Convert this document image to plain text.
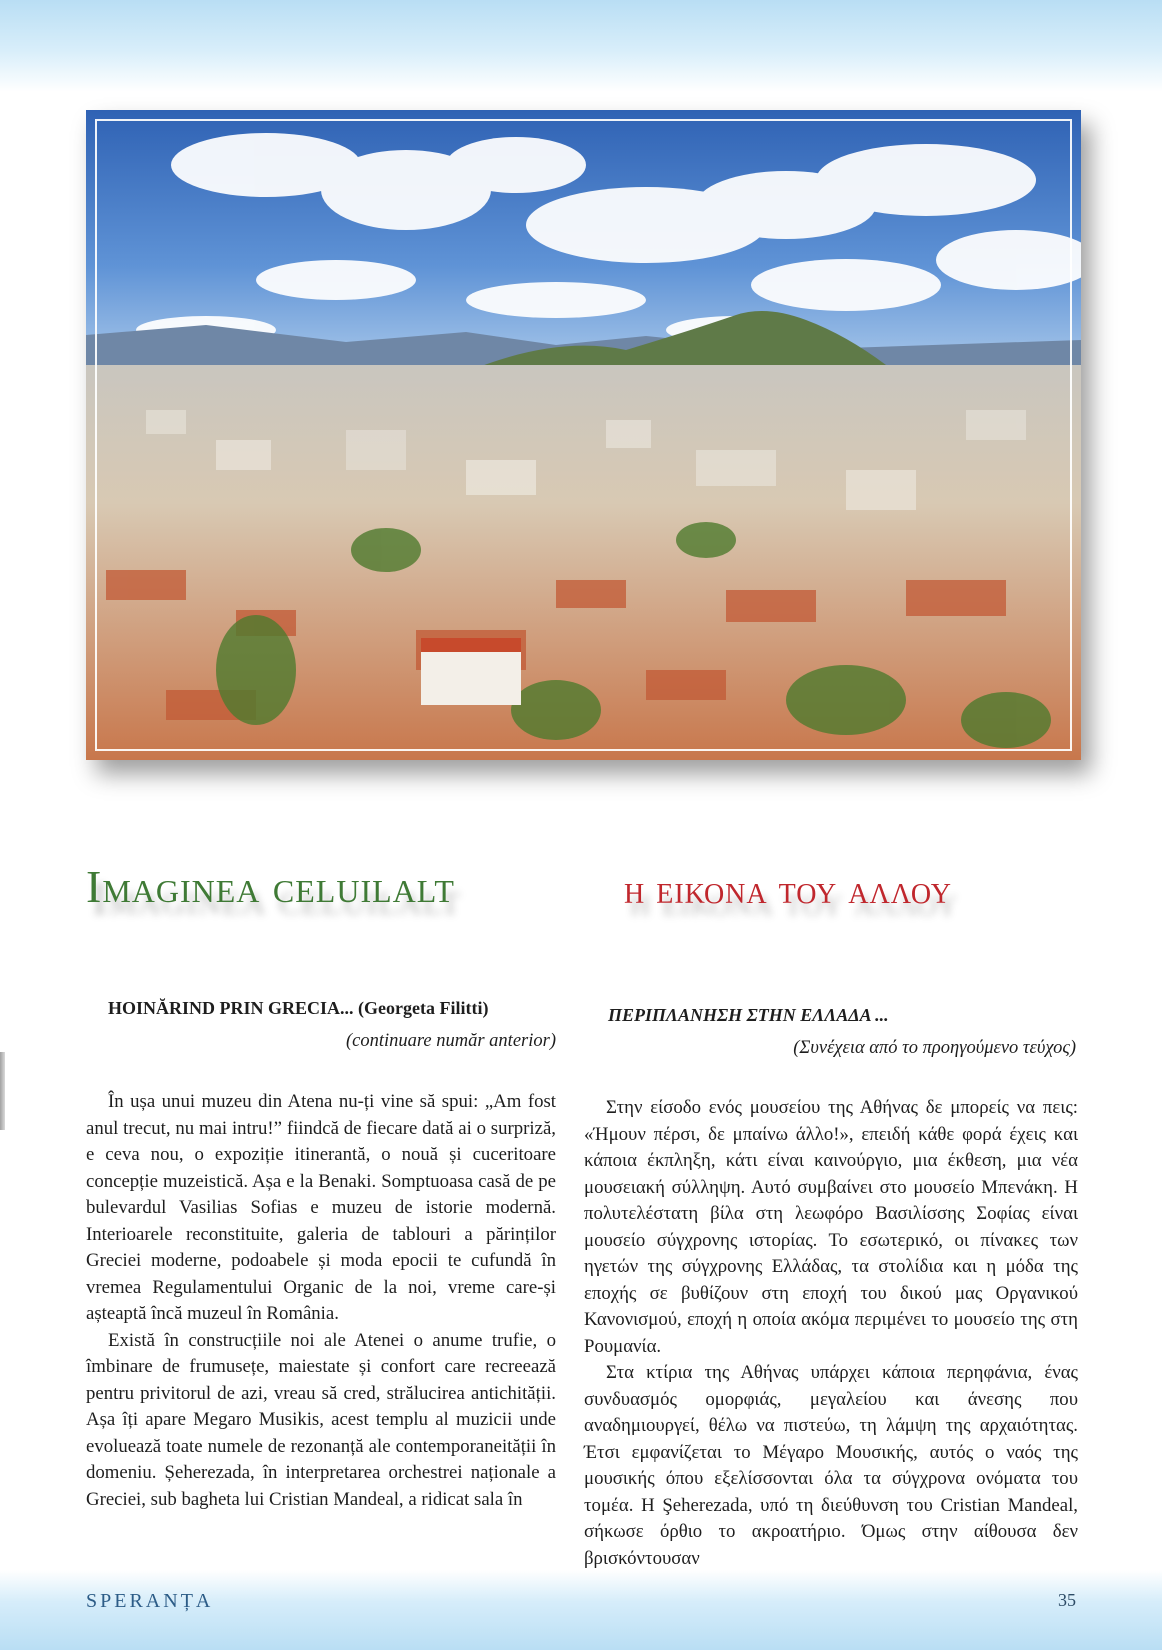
Imaginea celuilalt	η εικονα του αλλου
HOINĂRIND PRIN GRECIA... (Georgeta Filitti)
(continuare număr anterior)
ΠΕΡΙΠΛΑΝΗΣΗ ΣΤΗΝ ΕΛΛΑΔΑ ...
(Συνέχεια από το προηγούμενο τεύχος)

În ușa unui muzeu din Atena nu-ți vine să spui: „Am fost anul trecut, nu mai intru!” fiindcă de fiecare dată ai o surpriză, e ceva nou, o expoziție itinerantă, o nouă și cuceritoare concepție muzeistică. Așa e la Benaki. Somptuoasa casă de pe bulevardul Vasilias Sofias e muzeu de istorie modernă. Interioarele reconstituite, galeria de tablouri a părinților Greciei moderne, podoabele și moda epocii te cufundă în vremea Regulamentului Organic de la noi, vreme care-și așteaptă încă muzeul în România.

Există în construcțiile noi ale Atenei o anume trufie, o îmbinare de frumusețe, maiestate și confort care recreează pentru privitorul de azi, vreau să cred, strălucirea antichității. Așa îți apare Megaro Musikis, acest templu al muzicii unde evoluează toate numele de rezonanță ale contemporaneității în domeniu. Șeherezada, în interpretarea orchestrei naționale a Greciei, sub bagheta lui Cristian Mandeal, a ridicat sala în

Στην είσοδο ενός μουσείου της Αθήνας δε μπορείς να πεις: «Ήμουν πέρσι, δε μπαίνω άλλο!», επειδή κάθε φορά έχεις και κάποια έκπληξη, κάτι είναι καινούργιο, μια έκθεση, μια νέα μουσειακή σύλληψη. Αυτό συμβαίνει στο μουσείο Μπενάκη. Η πολυτελέστατη βίλα στη λεωφόρο Βασιλίσσης Σοφίας είναι μουσείο σύγχρονης ιστορίας. Το εσωτερικό, οι πίνακες των ηγετών της σύγχρονης Ελλάδας, τα στολίδια και η μόδα της εποχής σε βυθίζουν στη εποχή του δικού μας Οργανικού Κανονισμού, εποχή η οποία ακόμα περιμένει το μουσείο της στη Ρουμανία.

Στα κτίρια της Αθήνας υπάρχει κάποια περηφάνια, ένας συνδυασμός ομορφιάς, μεγαλείου και άνεσης που αναδημιουργεί, θέλω να πιστεύω, τη λάμψη της αρχαιότητας. Έτσι εμφανίζεται το Μέγαρο Μουσικής, αυτός ο ναός της μουσικής όπου εξελίσσονται όλα τα σύγχρονα ονόματα του τομέα. Η Şeherezada, υπό τη διεύθυνση του Cristian Mandeal, σήκωσε όρθιο το ακροατήριο. Όμως στην αίθουσα δεν βρισκόντουσαν

SPERANȚA	35
